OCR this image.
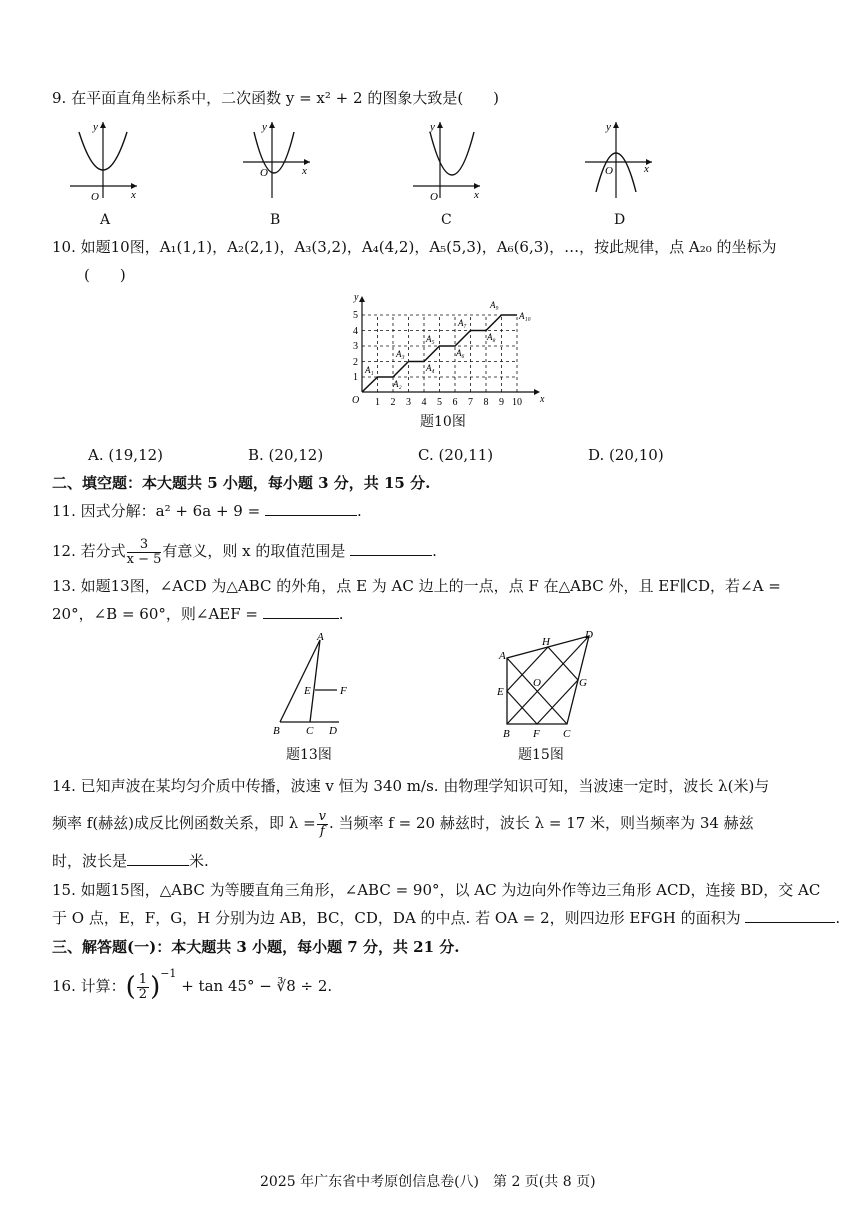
9. 在平面直角坐标系中，二次函数 y = x² + 2 的图象大致是(　　)
y
O	x
A
y
O	x
B
y
O	x
C
y
O	x
D
10. 如题10图，A₁(1,1)，A₂(2,1)，A₃(3,2)，A₄(4,2)，A₅(5,3)，A₆(6,3)，…，按此规律，点 A₂₀ 的坐标为
(　　)
y
x
O 1 2 3 4 5 6 7 8 9 10
1
2
3
4
5
A₁
A₂
A₃
A₄
A₅
A₆
A₇
A₈
A₉
A₁₀
题10图
A. (19,12)	B. (20,12)	C. (20,11)	D. (20,10)
二、填空题：本大题共 5 小题，每小题 3 分，共 15 分.
11. 因式分解：a² + 6a + 9 =	.
12. 若分式 $\frac{3}{x - 5}$ 有意义，则 x 的取值范围是	.
13. 如题13图，∠ACD 为△ABC 的外角，点 E 为 AC 边上的一点，点 F 在△ABC 外，且 EF∥CD，若∠A =
20°，∠B = 60°，则∠AEF =	.
A
B C D
E	F
题13图
A
B	C
D
E
F
G
H
O
题15图
14. 已知声波在某均匀介质中传播，波速 v 恒为 340 m/s. 由物理学知识可知，当波速一定时，波长 λ(米)与
频率 f(赫兹)成反比例函数关系，即 $\lambda = \frac{v}{f}$ . 当频率 f = 20 赫兹时，波长 λ = 17 米，则当频率为 34 赫兹
时，波长是	米.
15. 如题15图，△ABC 为等腰直角三角形，∠ABC = 90°，以 AC 为边向外作等边三角形 ACD，连接 BD，交 AC
于 O 点，E，F，G，H 分别为边 AB，BC，CD，DA 的中点. 若 OA = 2，则四边形 EFGH 的面积为	.
三、解答题(一)：本大题共 3 小题，每小题 7 分，共 21 分.
16. 计算：( $\frac{1}{2} )^{-1} + \tan 45^\circ$ − ∛8 ÷ 2.
2025 年广东省中考原创信息卷(八)　第 2 页(共 8 页)
